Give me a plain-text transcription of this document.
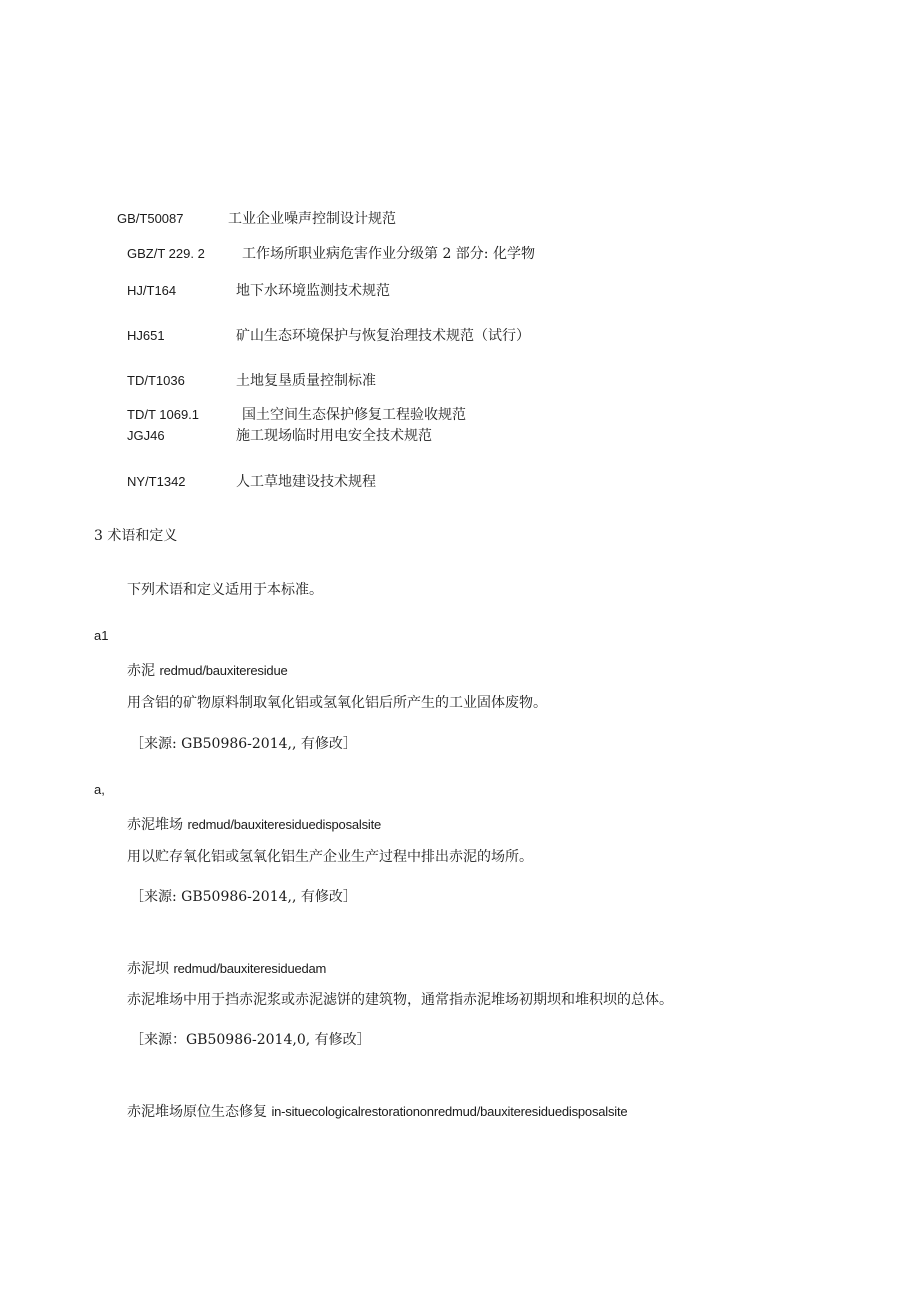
GB/T50087	工业企业噪声控制设计规范
GBZ/T 229. 2	工作场所职业病危害作业分级第 2 部分: 化学物
HJ/T164	地下水环境监测技术规范
HJ651	矿山生态环境保护与恢复治理技术规范（试行）
TD/T1036	土地复垦质量控制标准
TD/T 1069.1	国土空间生态保护修复工程验收规范
JGJ46	施工现场临时用电安全技术规范
NY/T1342	人工草地建设技术规程
3 术语和定义
下列术语和定义适用于本标准。
a1
赤泥 redmud/bauxiteresidue
用含铝的矿物原料制取氧化铝或氢氧化铝后所产生的工业固体废物。
［来源: GB50986-2014,, 有修改］
a,
赤泥堆场 redmud/bauxiteresiduedisposalsite
用以贮存氧化铝或氢氧化铝生产企业生产过程中排出赤泥的场所。
［来源: GB50986-2014,, 有修改］
赤泥坝 redmud/bauxiteresiduedam
赤泥堆场中用于挡赤泥浆或赤泥滤饼的建筑物，通常指赤泥堆场初期坝和堆积坝的总体。
［来源：GB50986-2014,0, 有修改］
赤泥堆场原位生态修复 in-situecologicalrestorationonredmud/bauxiteresiduedisposalsite
